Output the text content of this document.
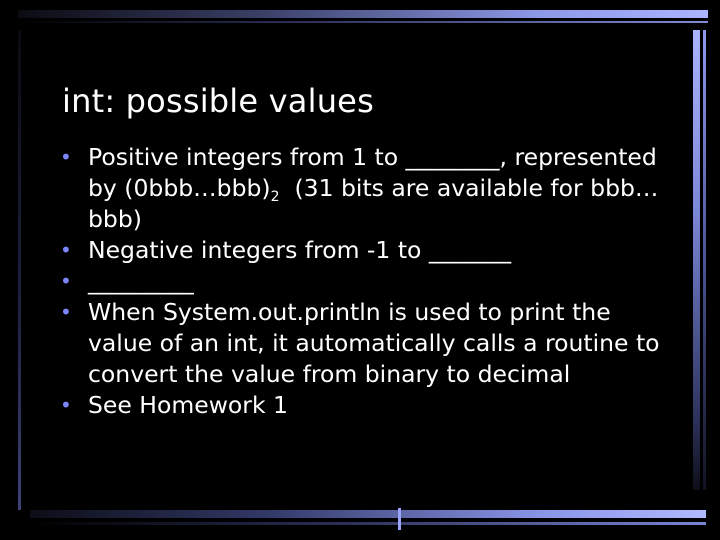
int: possible values
• Positive integers from 1 to ________, represented by $(0bbb\dots bbb)_2$  (31 bits are available for bbb…bbb)
• Negative integers from -1 to _______
• _________
• When System.out.println is used to print the value of an int, it automatically calls a routine to convert the value from binary to decimal
• See Homework 1
